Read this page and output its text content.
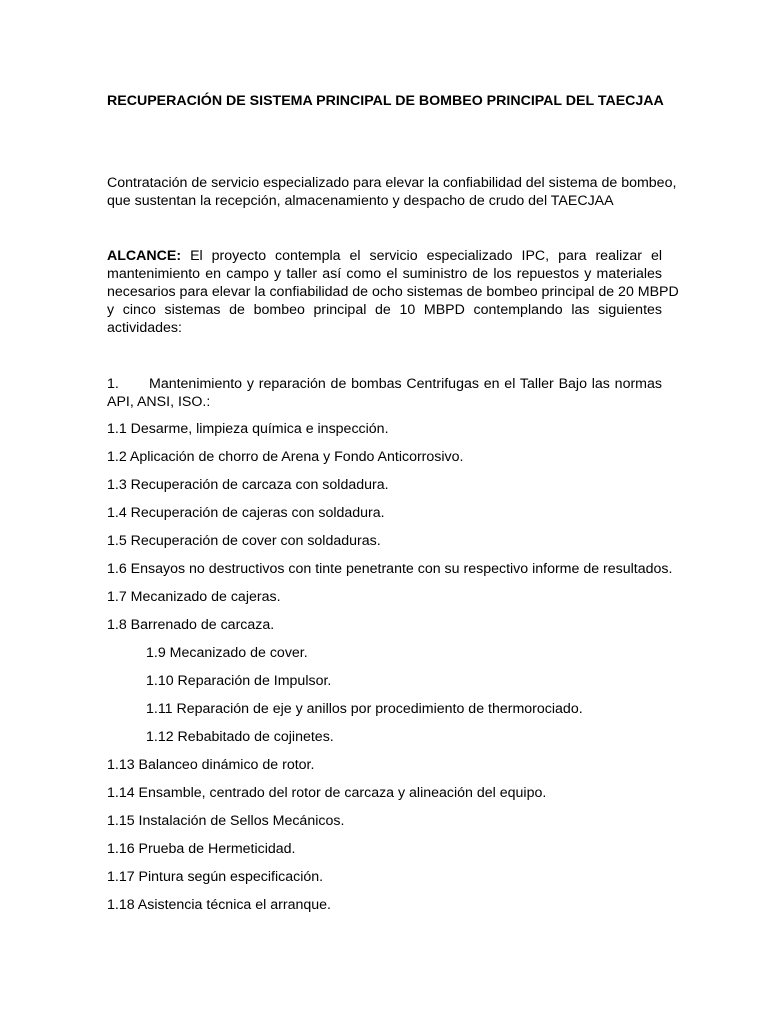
RECUPERACIÓN DE SISTEMA PRINCIPAL DE BOMBEO PRINCIPAL DEL TAECJAA
Contratación de servicio especializado para elevar la confiabilidad del sistema de bombeo,
que sustentan la recepción, almacenamiento y despacho de crudo del TAECJAA
ALCANCE: El proyecto contempla el servicio especializado IPC, para realizar el
mantenimiento en campo y taller así como el suministro de los repuestos y materiales
necesarios para elevar la confiabilidad de ocho sistemas de bombeo principal de 20 MBPD
y cinco sistemas de bombeo principal de 10 MBPD contemplando las siguientes
actividades:
1.	Mantenimiento y reparación de bombas Centrifugas en el Taller Bajo las normas
API, ANSI, ISO.:
1.1 Desarme, limpieza química e inspección.
1.2 Aplicación de chorro de Arena y Fondo Anticorrosivo.
1.3 Recuperación de carcaza con soldadura.
1.4 Recuperación de cajeras con soldadura.
1.5 Recuperación de cover con soldaduras.
1.6 Ensayos no destructivos con tinte penetrante con su respectivo informe de resultados.
1.7 Mecanizado de cajeras.
1.8 Barrenado de carcaza.
1.9 Mecanizado de cover.
1.10 Reparación de Impulsor.
1.11 Reparación de eje y anillos por procedimiento de thermorociado.
1.12 Rebabitado de cojinetes.
1.13 Balanceo dinámico de rotor.
1.14 Ensamble, centrado del rotor de carcaza y alineación del equipo.
1.15 Instalación de Sellos Mecánicos.
1.16 Prueba de Hermeticidad.
1.17 Pintura según especificación.
1.18 Asistencia técnica el arranque.
